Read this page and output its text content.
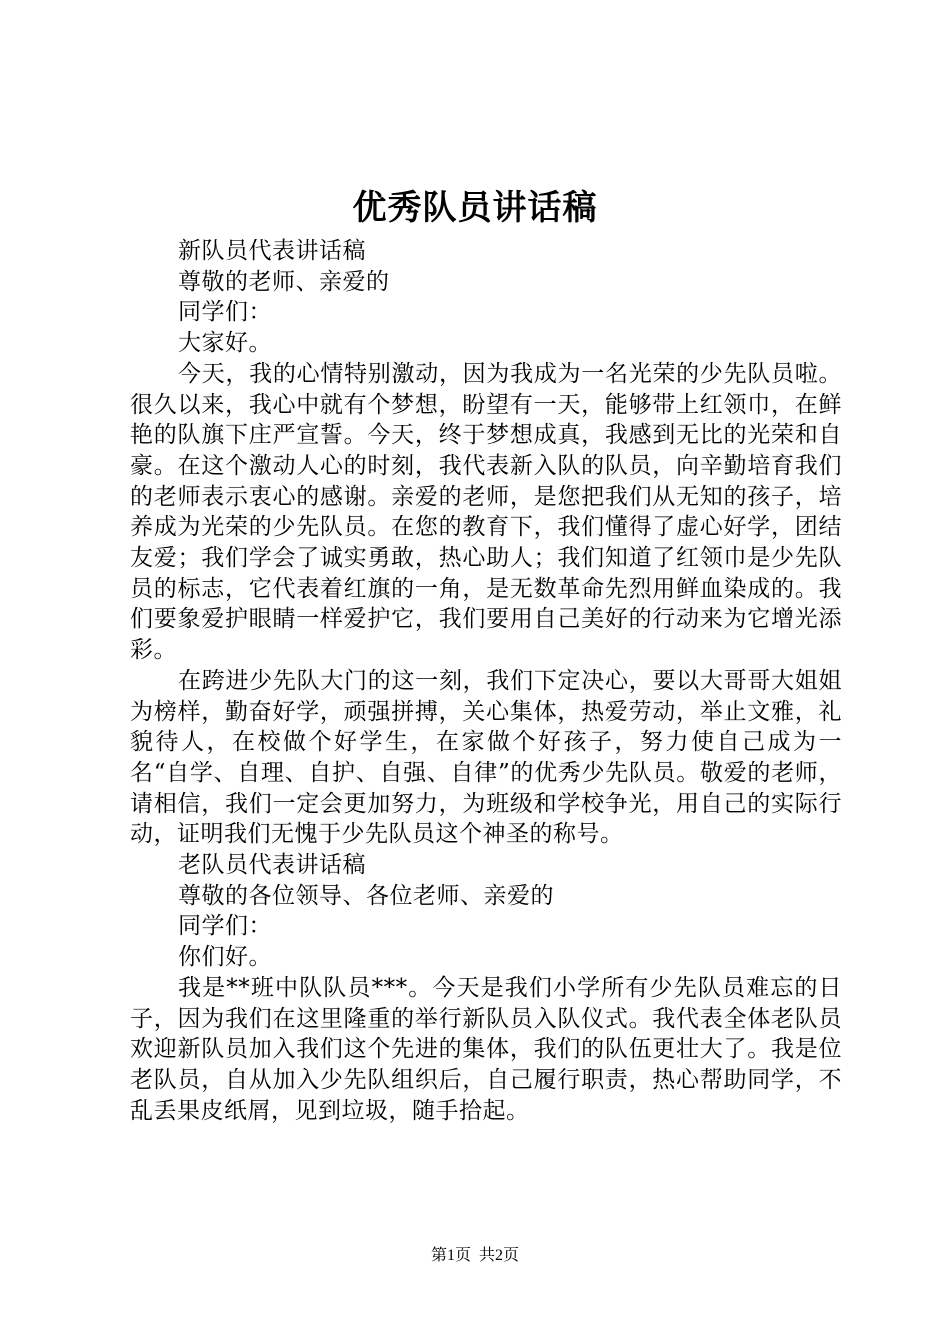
优秀队员讲话稿

新队员代表讲话稿

尊敬的老师、亲爱的

同学们：

大家好。

今天，我的心情特别激动，因为我成为一名光荣的少先队员啦。很久以来，我心中就有个梦想，盼望有一天，能够带上红领巾，在鲜艳的队旗下庄严宣誓。今天，终于梦想成真，我感到无比的光荣和自豪。在这个激动人心的时刻，我代表新入队的队员，向辛勤培育我们的老师表示衷心的感谢。亲爱的老师，是您把我们从无知的孩子，培养成为光荣的少先队员。在您的教育下，我们懂得了虚心好学，团结友爱；我们学会了诚实勇敢，热心助人；我们知道了红领巾是少先队员的标志，它代表着红旗的一角，是无数革命先烈用鲜血染成的。我们要象爱护眼睛一样爱护它，我们要用自己美好的行动来为它增光添彩。

在跨进少先队大门的这一刻，我们下定决心，要以大哥哥大姐姐为榜样，勤奋好学，顽强拼搏，关心集体，热爱劳动，举止文雅，礼貌待人，在校做个好学生，在家做个好孩子，努力使自己成为一名“自学、自理、自护、自强、自律”的优秀少先队员。敬爱的老师，请相信，我们一定会更加努力，为班级和学校争光，用自己的实际行动，证明我们无愧于少先队员这个神圣的称号。

老队员代表讲话稿

尊敬的各位领导、各位老师、亲爱的

同学们：

你们好。

我是**班中队队员***。今天是我们小学所有少先队员难忘的日子，因为我们在这里隆重的举行新队员入队仪式。我代表全体老队员欢迎新队员加入我们这个先进的集体，我们的队伍更壮大了。我是位老队员，自从加入少先队组织后，自己履行职责，热心帮助同学，不乱丢果皮纸屑，见到垃圾，随手拾起。

第1页 共2页
